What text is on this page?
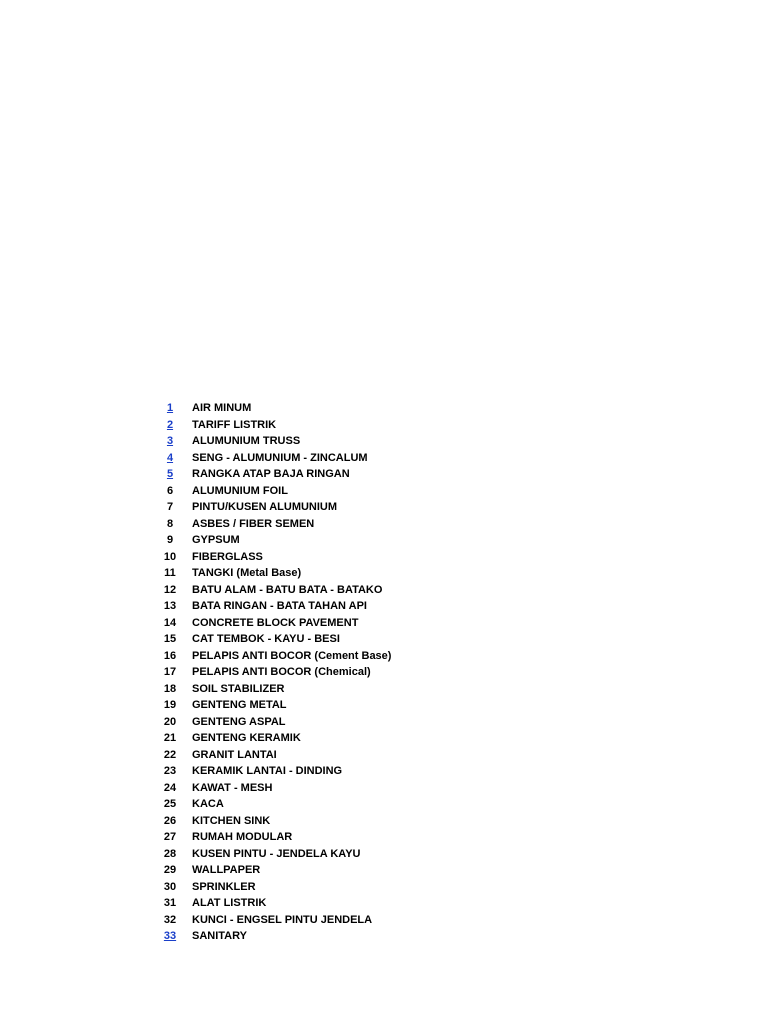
1	AIR MINUM
2	TARIFF LISTRIK
3	ALUMUNIUM TRUSS
4	SENG - ALUMUNIUM - ZINCALUM
5	RANGKA ATAP BAJA RINGAN
6	ALUMUNIUM FOIL
7	PINTU/KUSEN ALUMUNIUM
8	ASBES / FIBER SEMEN
9	GYPSUM
10	FIBERGLASS
11	TANGKI (Metal Base)
12	BATU ALAM - BATU BATA - BATAKO
13	BATA RINGAN - BATA TAHAN API
14	CONCRETE BLOCK PAVEMENT
15	CAT TEMBOK - KAYU - BESI
16	PELAPIS ANTI BOCOR (Cement Base)
17	PELAPIS ANTI BOCOR (Chemical)
18	SOIL STABILIZER
19	GENTENG METAL
20	GENTENG ASPAL
21	GENTENG KERAMIK
22	GRANIT LANTAI
23	KERAMIK LANTAI - DINDING
24	KAWAT - MESH
25	KACA
26	KITCHEN SINK
27	RUMAH MODULAR
28	KUSEN PINTU - JENDELA KAYU
29	WALLPAPER
30	SPRINKLER
31	ALAT LISTRIK
32	KUNCI - ENGSEL PINTU JENDELA
33	SANITARY
